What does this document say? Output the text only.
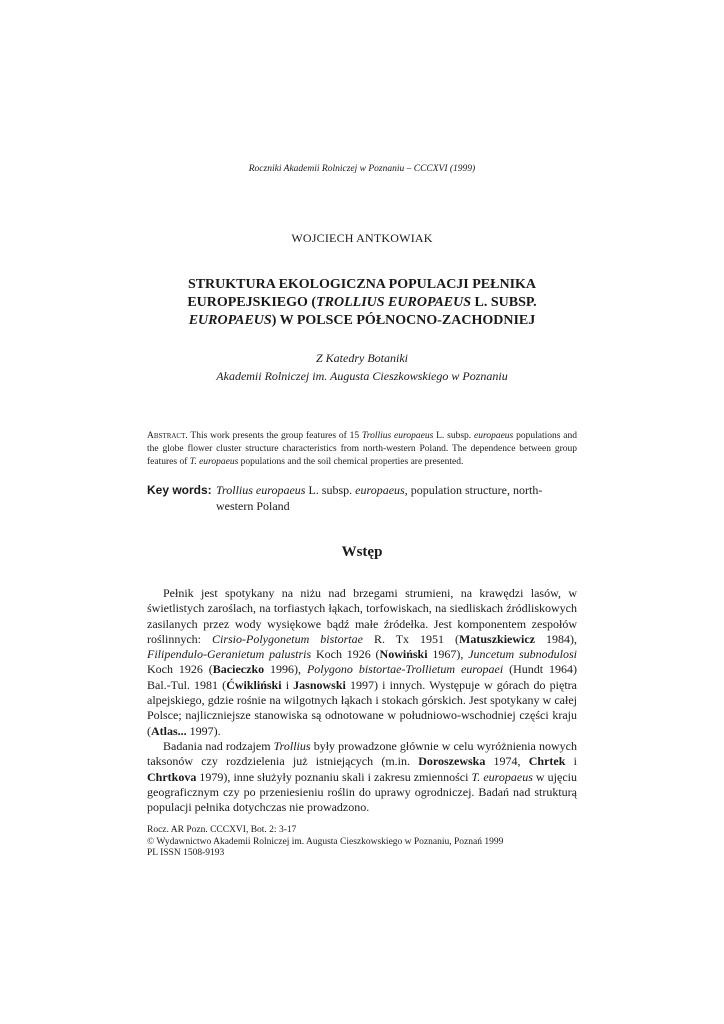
Roczniki Akademii Rolniczej w Poznaniu – CCCXVI (1999)
WOJCIECH ANTKOWIAK
STRUKTURA EKOLOGICZNA POPULACJI PEŁNIKA EUROPEJSKIEGO (TROLLIUS EUROPAEUS L. SUBSP. EUROPAEUS) W POLSCE PÓŁNOCNO-ZACHODNIEJ
Z Katedry Botaniki
Akademii Rolniczej im. Augusta Cieszkowskiego w Poznaniu
Abstract. This work presents the group features of 15 Trollius europaeus L. subsp. europaeus populations and the globe flower cluster structure characteristics from north-western Poland. The dependence between group features of T. europaeus populations and the soil chemical properties are presented.
Key words: Trollius europaeus L. subsp. europaeus, population structure, north-western Poland
Wstęp

Pełnik jest spotykany na niżu nad brzegami strumieni, na krawędzi lasów, w świetlistych zaroślach, na torfiastych łąkach, torfowiskach, na siedliskach źródliskowych zasilanych przez wody wysiękowe bądź małe źródełka. Jest komponentem zespołów roślinnych: Cirsio-Polygonetum bistortae R. Tx 1951 (Matuszkiewicz 1984), Filipendulo-Geranietum palustris Koch 1926 (Nowiński 1967), Juncetum subnodulosi Koch 1926 (Bacieczko 1996), Polygono bistortae-Trollietum europaei (Hundt 1964) Bal.-Tul. 1981 (Ćwikliński i Jasnowski 1997) i innych. Występuje w górach do piętra alpejskiego, gdzie rośnie na wilgotnych łąkach i stokach górskich. Jest spotykany w całej Polsce; najliczniejsze stanowiska są odnotowane w południowo-wschodniej części kraju (Atlas... 1997).

Badania nad rodzajem Trollius były prowadzone głównie w celu wyróżnienia nowych taksonów czy rozdzielenia już istniejących (m.in. Doroszewska 1974, Chrtek i Chrtkova 1979), inne służyły poznaniu skali i zakresu zmienności T. europaeus w ujęciu geograficznym czy po przeniesieniu roślin do uprawy ogrodniczej. Badań nad strukturą populacji pełnika dotychczas nie prowadzono.

Rocz. AR Pozn. CCCXVI, Bot. 2: 3-17
© Wydawnictwo Akademii Rolniczej im. Augusta Cieszkowskiego w Poznaniu, Poznań 1999
PL ISSN 1508-9193
